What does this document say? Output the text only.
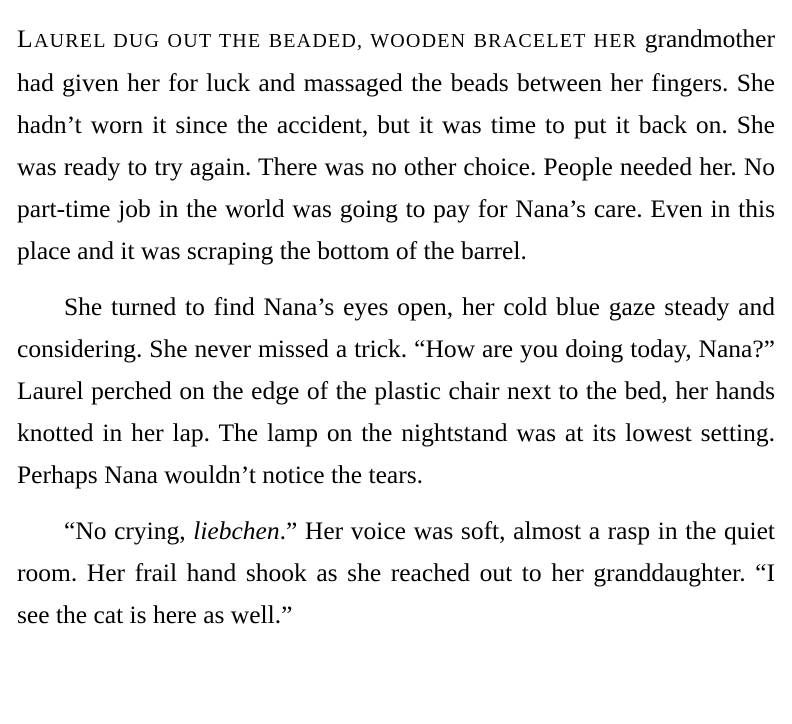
LAUREL DUG OUT THE BEADED, WOODEN BRACELET HER grandmother had given her for luck and massaged the beads between her fingers. She hadn’t worn it since the accident, but it was time to put it back on. She was ready to try again. There was no other choice. People needed her. No part-time job in the world was going to pay for Nana’s care. Even in this place and it was scraping the bottom of the barrel.

She turned to find Nana’s eyes open, her cold blue gaze steady and considering. She never missed a trick. “How are you doing today, Nana?” Laurel perched on the edge of the plastic chair next to the bed, her hands knotted in her lap. The lamp on the nightstand was at its lowest setting. Perhaps Nana wouldn’t notice the tears.

“No crying, liebchen.” Her voice was soft, almost a rasp in the quiet room. Her frail hand shook as she reached out to her granddaughter. “I see the cat is here as well.”
